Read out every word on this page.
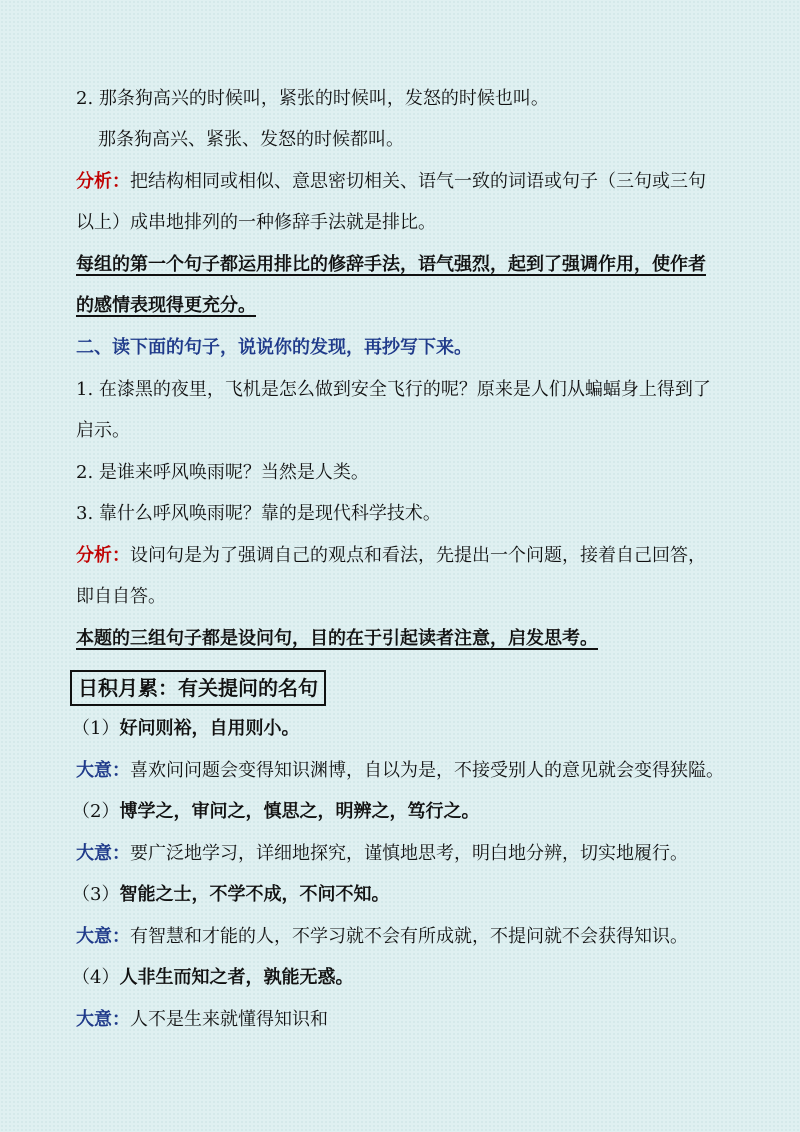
2. 那条狗高兴的时候叫，紧张的时候叫，发怒的时候也叫。
那条狗高兴、紧张、发怒的时候都叫。
分析：把结构相同或相似、意思密切相关、语气一致的词语或句子（三句或三句
以上）成串地排列的一种修辞手法就是排比。
每组的第一个句子都运用排比的修辞手法，语气强烈，起到了强调作用，使作者
的感情表现得更充分。
二、读下面的句子，说说你的发现，再抄写下来。
1. 在漆黑的夜里，飞机是怎么做到安全飞行的呢？原来是人们从蝙蝠身上得到了
启示。
2. 是谁来呼风唤雨呢？当然是人类。
3. 靠什么呼风唤雨呢？靠的是现代科学技术。
分析：设问句是为了强调自己的观点和看法，先提出一个问题，接着自己回答，
即自自答。
本题的三组句子都是设问句，目的在于引起读者注意，启发思考。
日积月累：有关提问的名句
（1）好问则裕，自用则小。
大意：喜欢问问题会变得知识渊博，自以为是，不接受别人的意见就会变得狭隘。
（2）博学之，审问之，慎思之，明辨之，笃行之。
大意：要广泛地学习，详细地探究，谨慎地思考，明白地分辨，切实地履行。
（3）智能之士，不学不成，不问不知。
大意：有智慧和才能的人，不学习就不会有所成就，不提问就不会获得知识。
（4）人非生而知之者，孰能无惑。
大意：人不是生来就懂得知识和
